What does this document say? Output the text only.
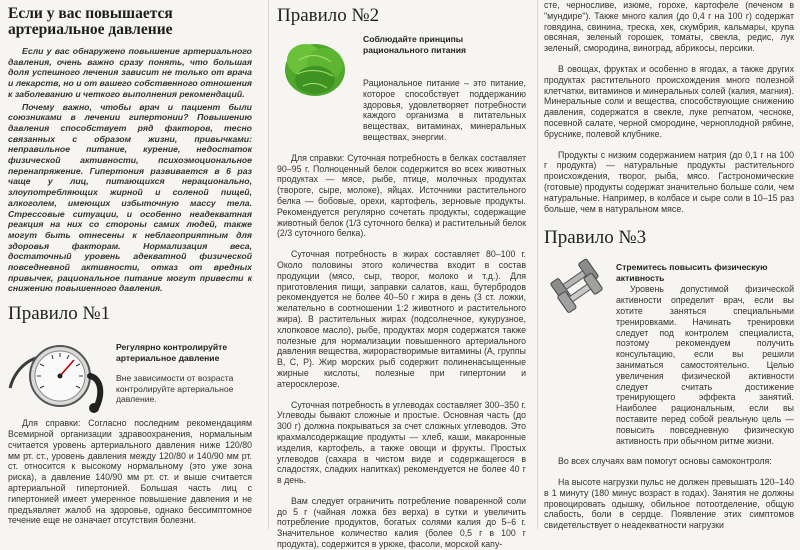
Если у вас повышается артериальное давление

Если у вас обнаружено повышение артериального давления, очень важно сразу понять, что большая доля успешного лечения зависит не только от врача и лекарств, но и от вашего собственного отношения к заболеванию и четкого выполнения рекомендаций.

Почему важно, чтобы врач и пациент были союзниками в лечении гипертонии? Повышению давления способствует ряд факторов, тесно связанных с образом жизни, привычками: неправильное питание, курение, недостаток физической активности, психоэмоциональное перенапряжение. Гипертония развивается в 6 раз чаще у лиц, питающихся нерационально, злоупотребляющих жирной и соленой пищей, алкоголем, имеющих избыточную массу тела. Стрессовые ситуации, и особенно неадекватная реакция на них со стороны самих людей, также могут быть отнесены к неблагоприятным для здоровья факторам. Нормализация веса, достаточный уровень адекватной физической повседневной активности, отказ от вредных привычек, рациональное питание могут привести к снижению повышенного давления.

Правило №1
Регулярно контролируйте артериальное давление
Вне зависимости от возраста контролируйте артериальное давление.

Для справки: Согласно последним рекомендациям Всемирной организации здравоохранения, нормальным считается уровень артериального давления ниже 120/80 мм рт. ст., уровень давления между 120/80 и 140/90 мм рт. ст. относится к высокому нормальному (это уже зона риска), а давление 140/90 мм рт. ст. и выше считается артериальной гипертонией. Большая часть лиц с гипертонией имеет умеренное повышение давления и не предъявляет жалоб на здоровье, однако бессимптомное течение еще не означает отсутствия болезни.

Правило №2
Соблюдайте принципы рационального питания

Рациональное питание – это питание, которое способствует поддержанию здоровья, удовлетворяет потребности каждого организма в питательных веществах, витаминах, минеральных веществах, энергии.

Для справки: Суточная потребность в белках составляет 90–95 г. Полноценный белок содержится во всех животных продуктах — мясе, рыбе, птице, молочных продуктах (твороге, сыре, молоке), яйцах. Источники растительного белка — бобовые, орехи, картофель, зерновые продукты. Рекомендуется регулярно сочетать продукты, содержащие животный белок (1/3 суточного белка) и растительный белок (2/3 суточного белка).

Суточная потребность в жирах составляет 80–100 г. Около половины этого количества входит в состав продукции (мясо, сыр, творог, молоко и т.д.). Для приготовления пищи, заправки салатов, каш, бутербродов рекомендуется не более 40–50 г жира в день (3 ст. ложки, желательно в соотношении 1:2 животного и растительного жира). В растительных жирах (подсолнечное, кукурузное, хлопковое масло), рыбе, продуктах моря содержатся также полезные для нормализации повышенного артериального давления вещества, жирорастворимые витамины (А, группы В, С, Р). Жир морских рыб содержит полиненасыщенные жирные кислоты, полезные при гипертонии и атеросклерозе.

Суточная потребность в углеводах составляет 300–350 г. Углеводы бывают сложные и простые. Основная часть (до 300 г) должна покрываться за счет сложных углеводов. Это крахмалсодержащие продукты — хлеб, каши, макаронные изделия, картофель, а также овощи и фрукты. Простых углеводов (сахара в чистом виде и содержащегося в сладостях, сладких напитках) рекомендуется не более 40 г в день.

Вам следует ограничить потребление поваренной соли до 5 г (чайная ложка без верха) в сутки и увеличить потребление продуктов, богатых солями калия до 5–6 г. Значительное количество калия (более 0,5 г в 100 г продукта), содержится в урюке, фасоли, морской капу-

сте, черносливе, изюме, горохе, картофеле (печеном в "мундире"). Также много калия (до 0,4 г на 100 г) содержат говядина, свинина, треска, хек, скумбрия, кальмары, крупа овсяная, зеленый горошек, томаты, свекла, редис, лук зеленый, смородина, виноград, абрикосы, персики.

В овощах, фруктах и особенно в ягодах, а также других продуктах растительного происхождения много полезной клетчатки, витаминов и минеральных солей (калия, магния). Минеральные соли и вещества, способствующие снижению давления, содержатся в свекле, луке репчатом, чесноке, посевной салате, черной смородине, черноплодной рябине, бруснике, полевой клубнике.

Продукты с низким содержанием натрия (до 0,1 г на 100 г продукта) — натуральные продукты растительного происхождения, творог, рыба, мясо. Гастрономические (готовые) продукты содержат значительно больше соли, чем натуральные. Например, в колбасе и сыре соли в 10–15 раз больше, чем в натуральном мясе.

Правило №3
Стремитесь повысить физическую активность

Уровень допустимой физической активности определит врач, если вы хотите заняться специальными тренировками. Начинать тренировки следует под контролем специалиста, поэтому рекомендуем получить консультацию, если вы решили заниматься самостоятельно. Целью увеличения физической активности следует считать достижение тренирующего эффекта занятий. Наиболее рациональным, если вы поставите перед собой реальную цель — повысить повседневную физическую активность при обычном ритме жизни.

Во всех случаях вам помогут основы самоконтроля:

На высоте нагрузки пульс не должен превышать 120–140 в 1 минуту (180 минус возраст в годах). Занятия не должны провоцировать одышку, обильное потоотделение, общую слабость, боли в сердце. Появление этих симптомов свидетельствует о неадекватности нагрузки
